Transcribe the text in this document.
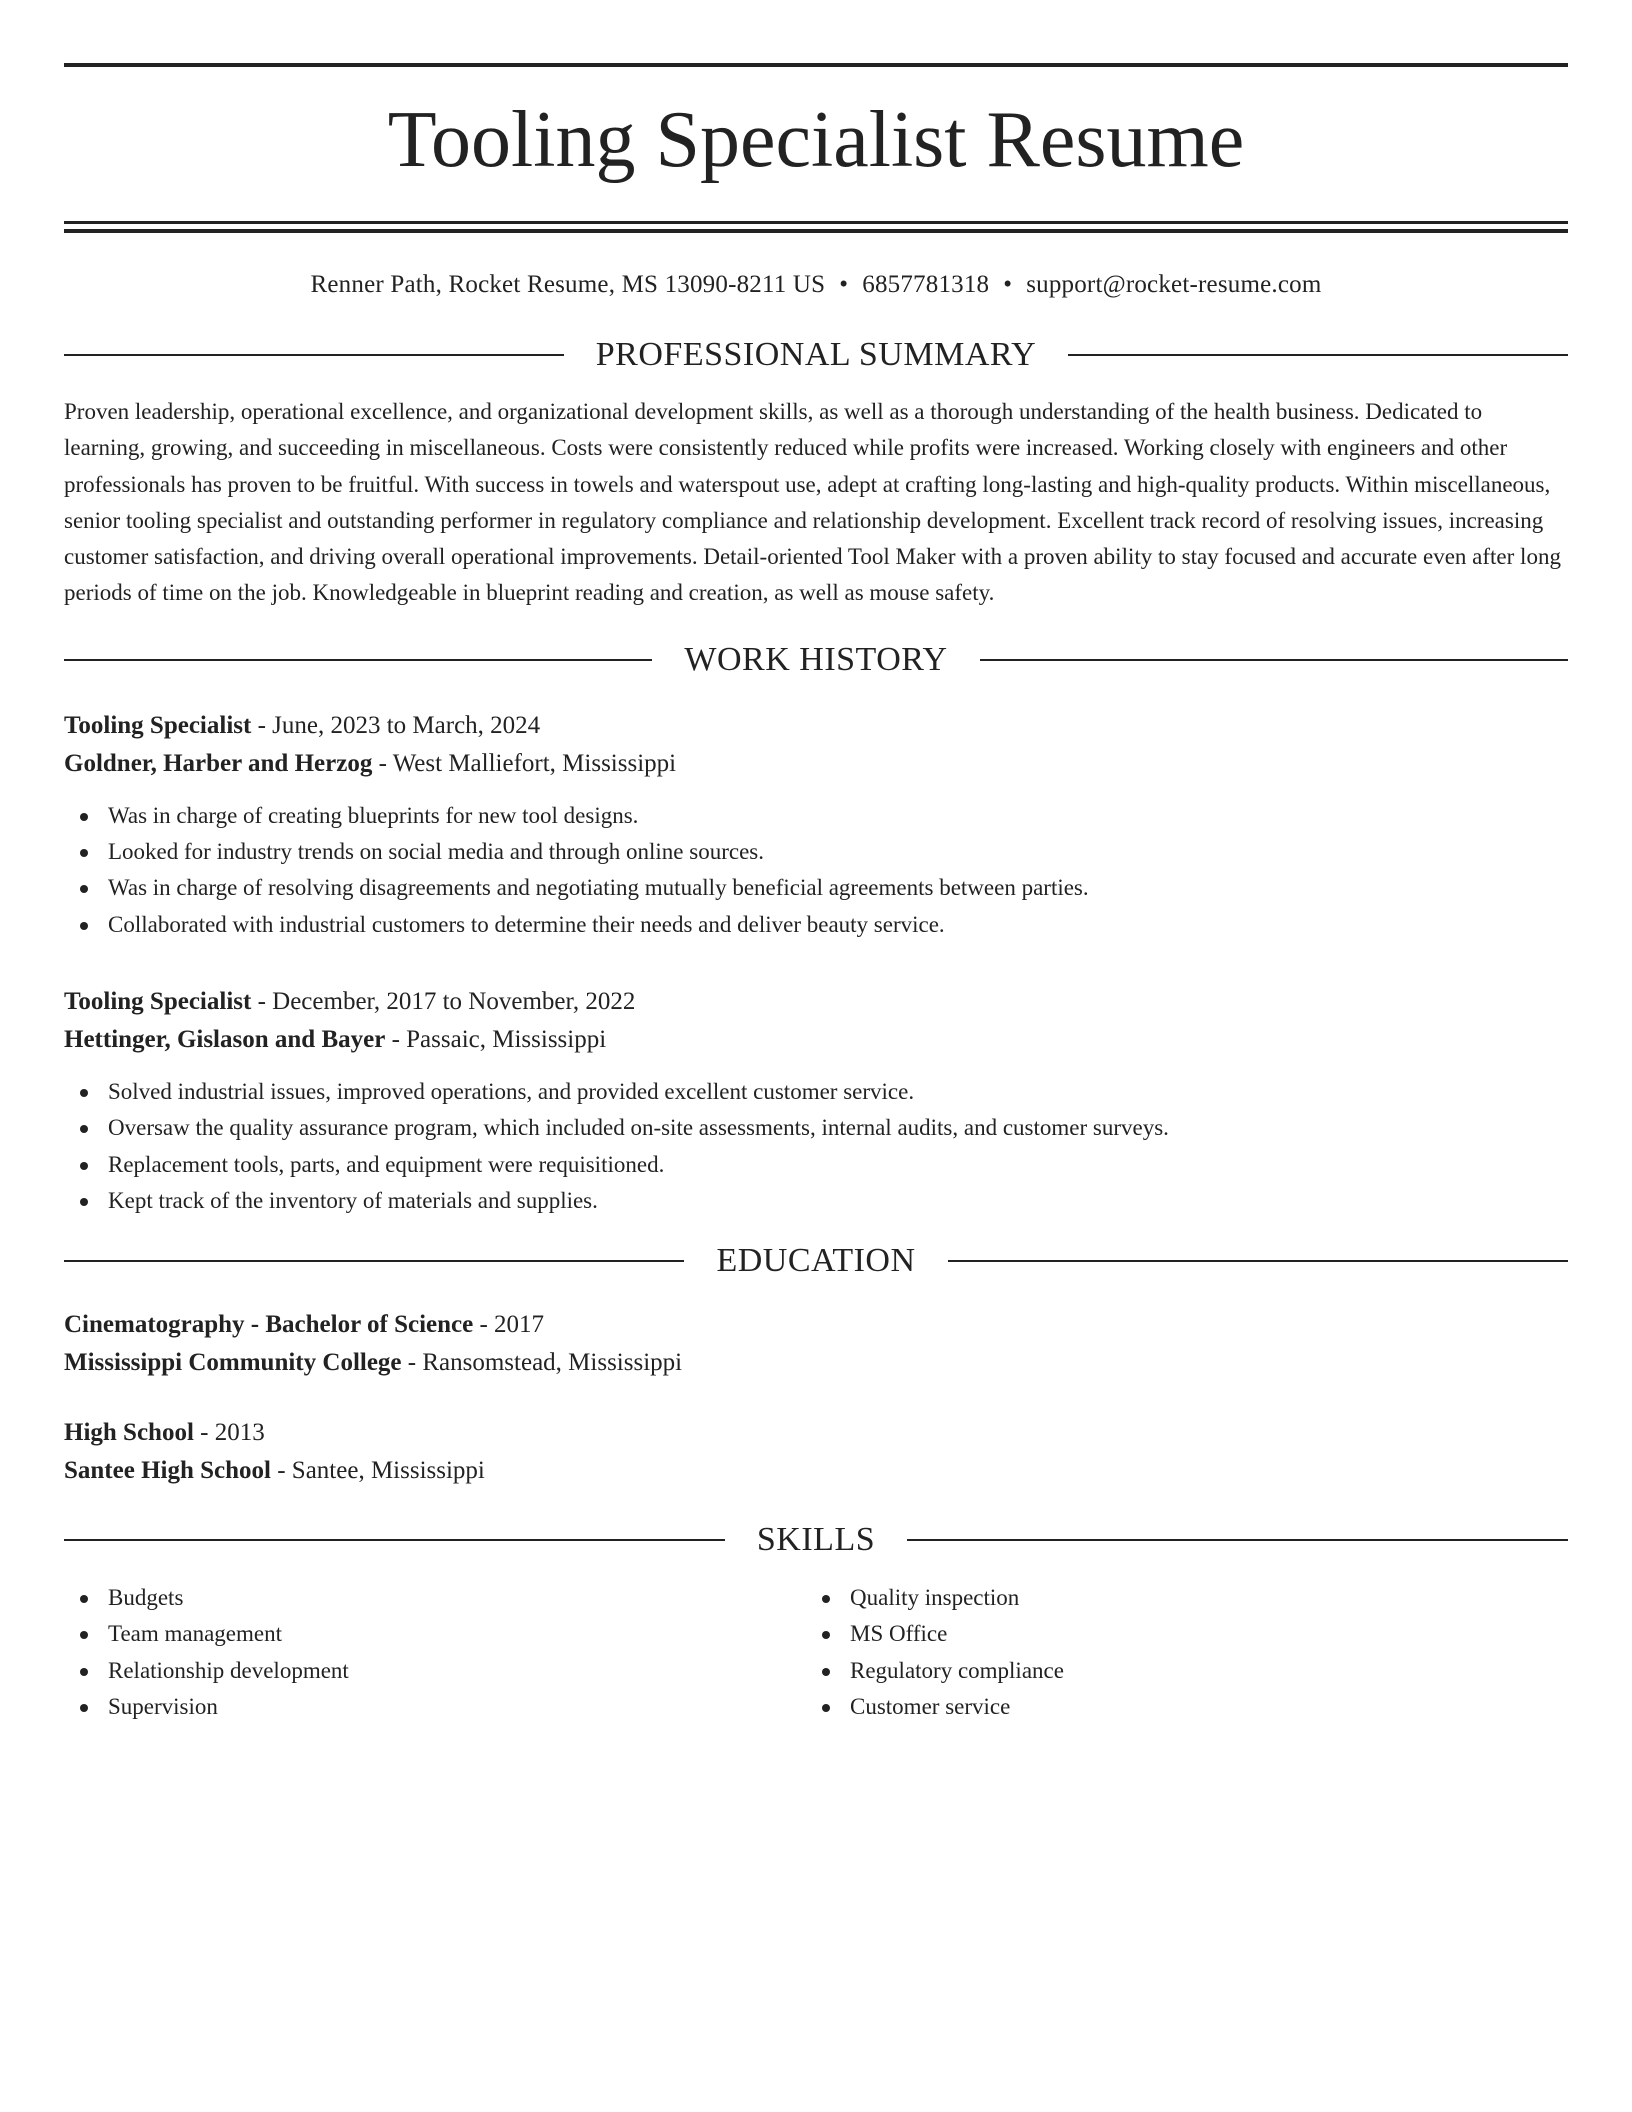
Tooling Specialist Resume
Renner Path, Rocket Resume, MS 13090-8211 US • 6857781318 • support@rocket-resume.com
PROFESSIONAL SUMMARY

Proven leadership, operational excellence, and organizational development skills, as well as a thorough understanding of the health business. Dedicated to learning, growing, and succeeding in miscellaneous. Costs were consistently reduced while profits were increased. Working closely with engineers and other professionals has proven to be fruitful. With success in towels and waterspout use, adept at crafting long-lasting and high-quality products. Within miscellaneous, senior tooling specialist and outstanding performer in regulatory compliance and relationship development. Excellent track record of resolving issues, increasing customer satisfaction, and driving overall operational improvements. Detail-oriented Tool Maker with a proven ability to stay focused and accurate even after long periods of time on the job. Knowledgeable in blueprint reading and creation, as well as mouse safety.

WORK HISTORY
Tooling Specialist - June, 2023 to March, 2024
Goldner, Harber and Herzog - West Malliefort, Mississippi
Was in charge of creating blueprints for new tool designs.
Looked for industry trends on social media and through online sources.
Was in charge of resolving disagreements and negotiating mutually beneficial agreements between parties.
Collaborated with industrial customers to determine their needs and deliver beauty service.
Tooling Specialist - December, 2017 to November, 2022
Hettinger, Gislason and Bayer - Passaic, Mississippi
Solved industrial issues, improved operations, and provided excellent customer service.
Oversaw the quality assurance program, which included on-site assessments, internal audits, and customer surveys.
Replacement tools, parts, and equipment were requisitioned.
Kept track of the inventory of materials and supplies.
EDUCATION
Cinematography - Bachelor of Science - 2017
Mississippi Community College - Ransomstead, Mississippi
High School - 2013
Santee High School - Santee, Mississippi
SKILLS
Budgets
Team management
Relationship development
Supervision
Quality inspection
MS Office
Regulatory compliance
Customer service
